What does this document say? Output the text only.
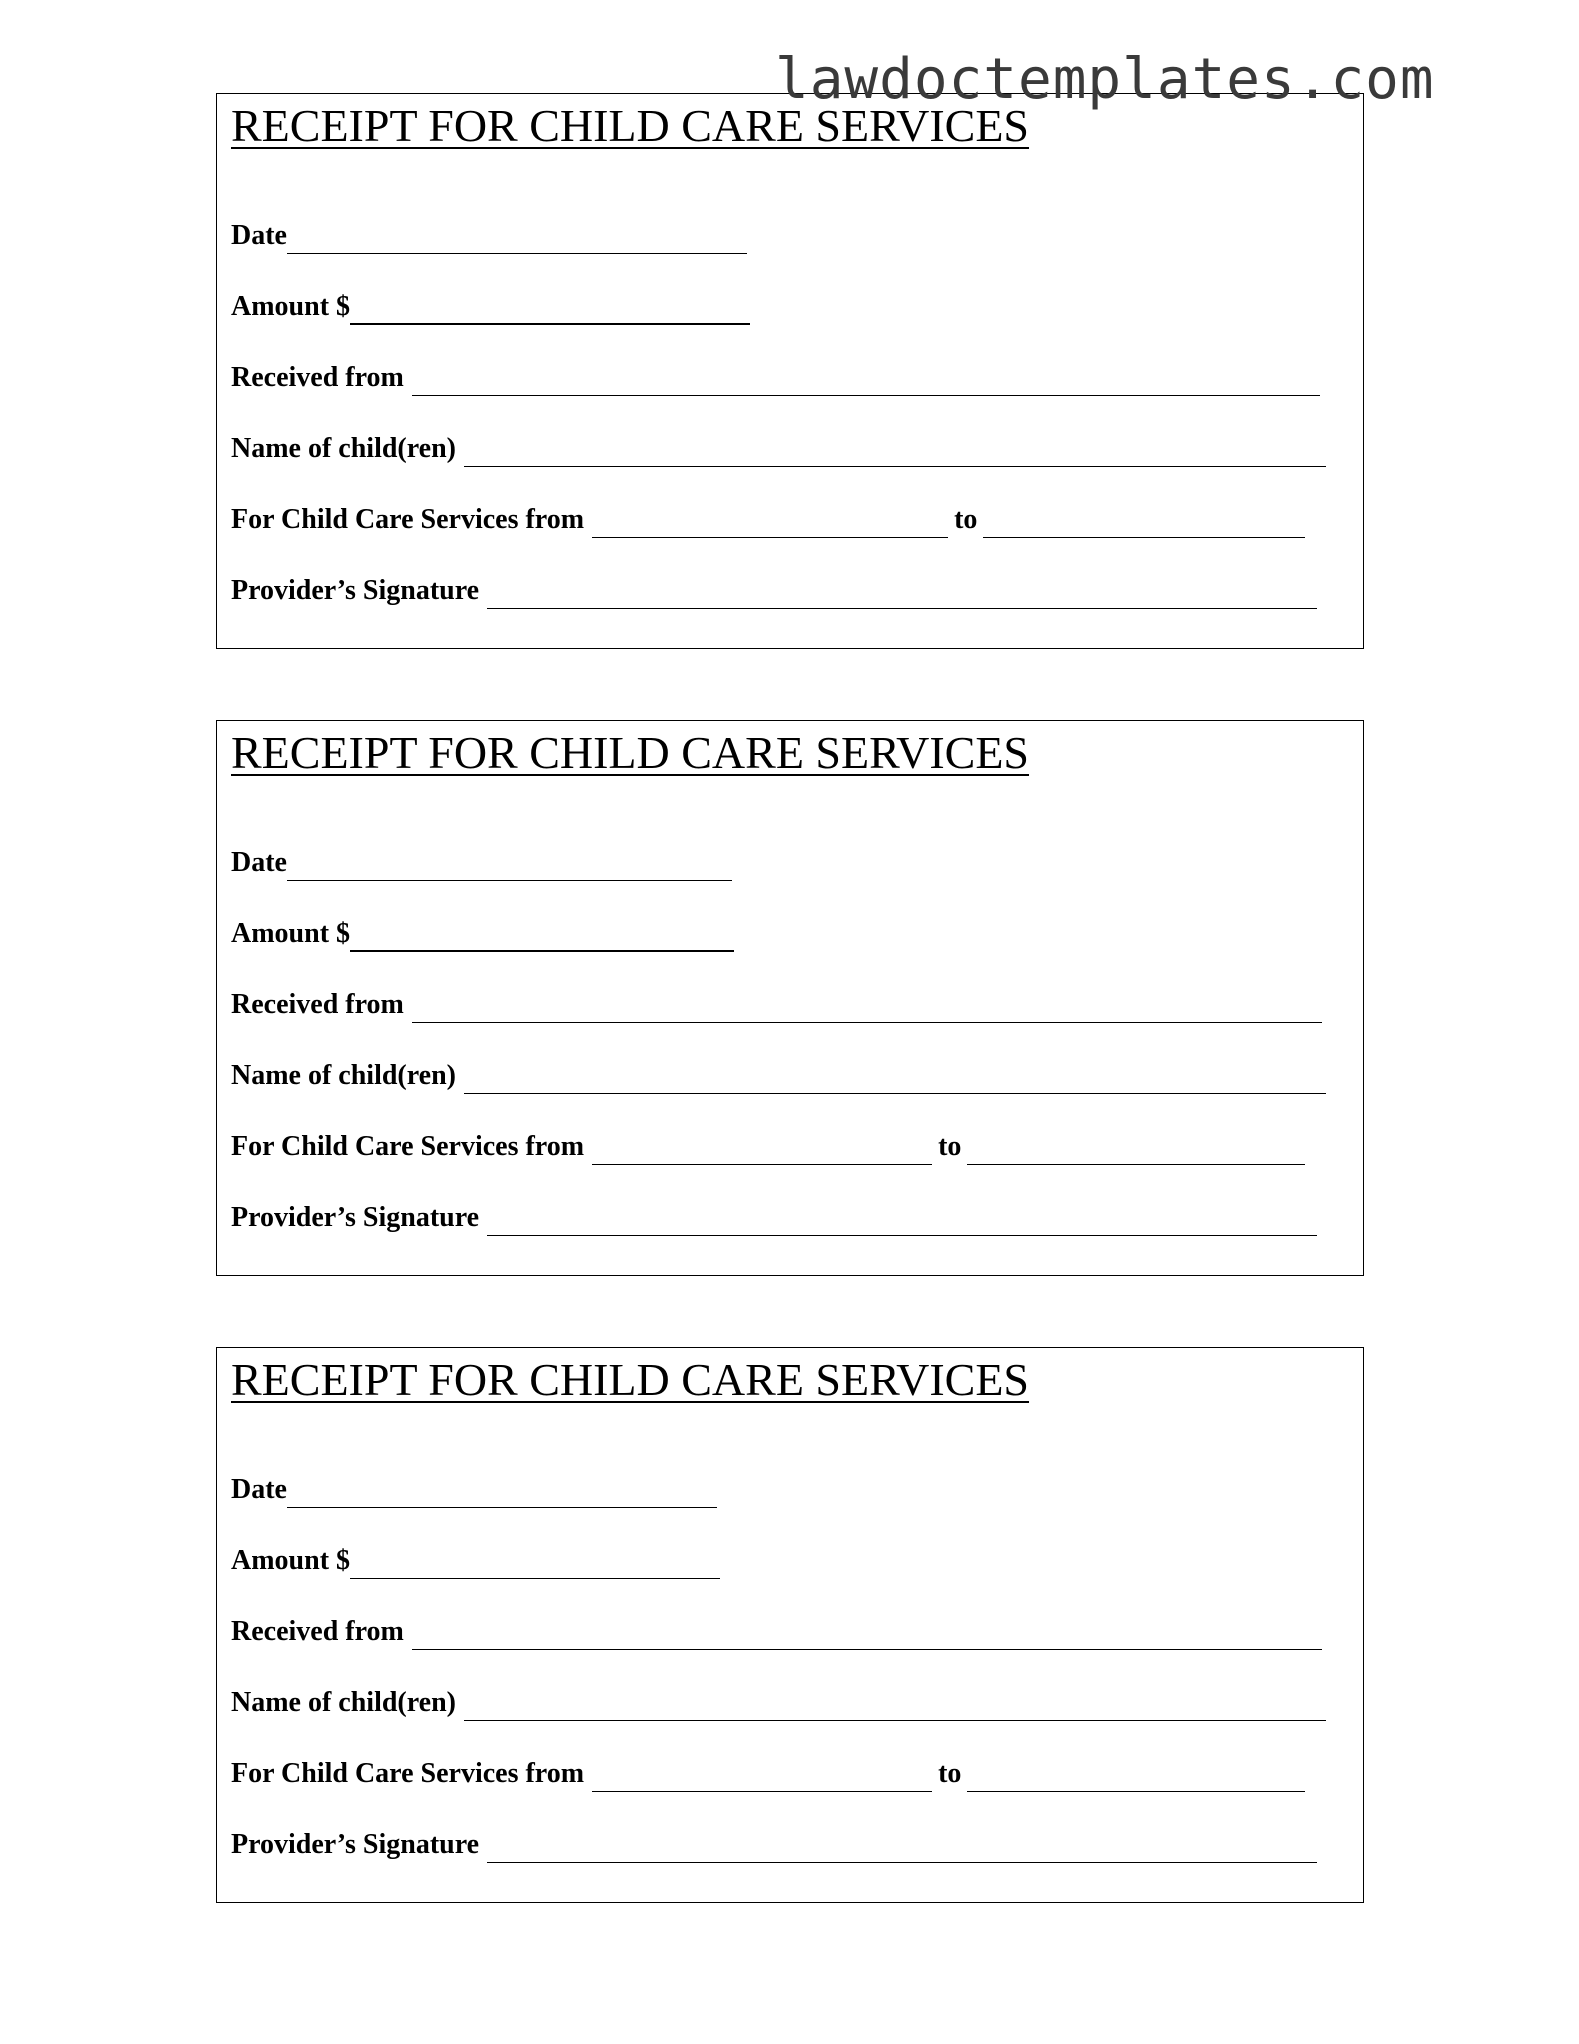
lawdoctemplates.com
RECEIPT FOR CHILD CARE SERVICES
Date
Amount $
Received from
Name of child(ren)
For Child Care Services from	to
Provider’s Signature
RECEIPT FOR CHILD CARE SERVICES
Date
Amount $
Received from
Name of child(ren)
For Child Care Services from	to
Provider’s Signature
RECEIPT FOR CHILD CARE SERVICES
Date
Amount $
Received from
Name of child(ren)
For Child Care Services from	to
Provider’s Signature
